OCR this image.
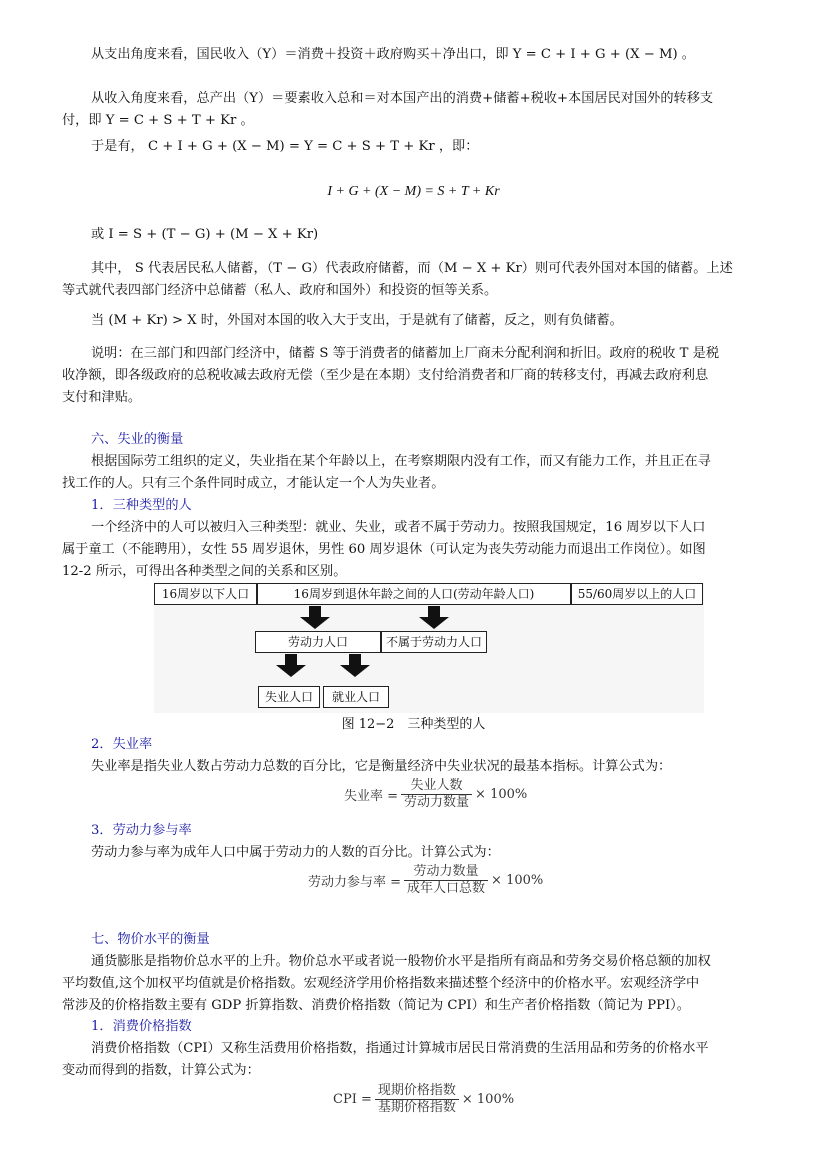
从支出角度来看，国民收入（Y）＝消费＋投资＋政府购买＋净出口，即 Y = C + I + G + (X − M) 。
从收入角度来看，总产出（Y）＝要素收入总和＝对本国产出的消费+储蓄+税收+本国居民对国外的转移支
付，即 Y = C + S + T + Kr 。
于是有， C + I + G + (X − M) = Y = C + S + T + Kr ，即：
I + G + (X − M) = S + T + Kr
或 I = S + (T − G) + (M − X + Kr)
其中， S 代表居民私人储蓄，（T − G）代表政府储蓄，而（M − X + Kr）则可代表外国对本国的储蓄。上述
等式就代表四部门经济中总储蓄（私人、政府和国外）和投资的恒等关系。
当 (M + Kr) > X 时，外国对本国的收入大于支出，于是就有了储蓄，反之，则有负储蓄。
说明：在三部门和四部门经济中，储蓄 S 等于消费者的储蓄加上厂商未分配利润和折旧。政府的税收 T 是税
收净额，即各级政府的总税收减去政府无偿（至少是在本期）支付给消费者和厂商的转移支付，再减去政府利息
支付和津贴。
六、失业的衡量
根据国际劳工组织的定义，失业指在某个年龄以上，在考察期限内没有工作，而又有能力工作，并且正在寻
找工作的人。只有三个条件同时成立，才能认定一个人为失业者。
1．三种类型的人
一个经济中的人可以被归入三种类型：就业、失业，或者不属于劳动力。按照我国规定，16 周岁以下人口
属于童工（不能聘用），女性 55 周岁退休，男性 60 周岁退休（可认定为丧失劳动能力而退出工作岗位）。如图
12-2 所示，可得出各种类型之间的关系和区别。
16周岁以下人口	16周岁到退休年龄之间的人口(劳动年龄人口)	55/60周岁以上的人口
劳动力人口	不属于劳动力人口
失业人口	就业人口
图 12−2　三种类型的人
2．失业率
失业率是指失业人数占劳动力总数的百分比，它是衡量经济中失业状况的最基本指标。计算公式为：
失业率 = $\frac{\text{失业人数}}{\text{劳动力数量}} \times 100\%$
3．劳动力参与率
劳动力参与率为成年人口中属于劳动力的人数的百分比。计算公式为：
劳动力参与率 = $\frac{\text{劳动力数量}}{\text{成年人口总数}} \times 100\%$
七、物价水平的衡量
通货膨胀是指物价总水平的上升。物价总水平或者说一般物价水平是指所有商品和劳务交易价格总额的加权
平均数值,这个加权平均值就是价格指数。宏观经济学用价格指数来描述整个经济中的价格水平。宏观经济学中
常涉及的价格指数主要有 GDP 折算指数、消费价格指数（简记为 CPI）和生产者价格指数（简记为 PPI）。
1．消费价格指数
消费价格指数（CPI）又称生活费用价格指数，指通过计算城市居民日常消费的生活用品和劳务的价格水平
变动而得到的指数，计算公式为：
CPI = $\frac{\text{现期价格指数}}{\text{基期价格指数}} \times 100\%$
